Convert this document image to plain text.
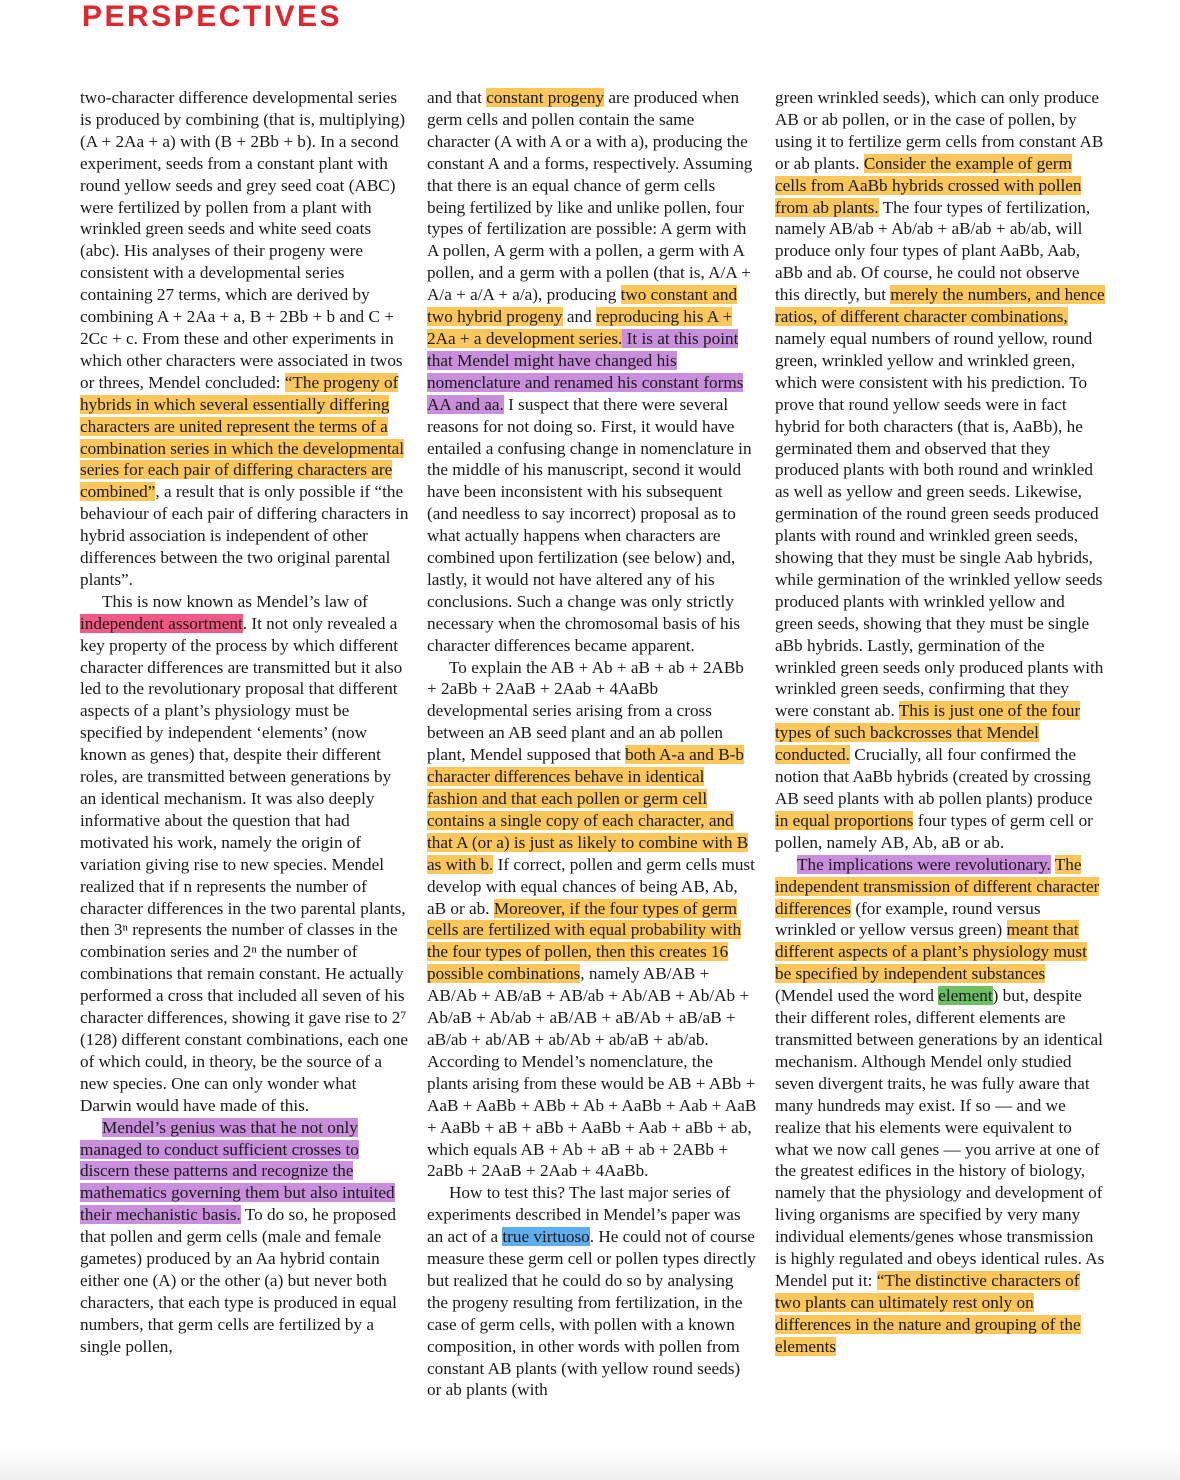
PERSPECTIVES

two-character difference developmental series is produced by combining (that is, multiplying) (A + 2Aa + a) with (B + 2Bb + b). In a second experiment, seeds from a constant plant with round yellow seeds and grey seed coat (ABC) were fertilized by pollen from a plant with wrinkled green seeds and white seed coats (abc). His analyses of their progeny were consistent with a developmental series containing 27 terms, which are derived by combining A + 2Aa + a, B + 2Bb + b and C + 2Cc + c. From these and other experiments in which other characters were associated in twos or threes, Mendel concluded: “The progeny of hybrids in which several essentially differing characters are united represent the terms of a combination series in which the developmental series for each pair of differing characters are combined”, a result that is only possible if “the behaviour of each pair of differing characters in hybrid association is independent of other differences between the two original parental plants”.

This is now known as Mendel’s law of independent assortment. It not only revealed a key property of the process by which different character differences are transmitted but it also led to the revolutionary proposal that different aspects of a plant’s physiology must be specified by independent ‘elements’ (now known as genes) that, despite their different roles, are transmitted between generations by an identical mechanism. It was also deeply informative about the question that had motivated his work, namely the origin of variation giving rise to new species. Mendel realized that if n represents the number of character differences in the two parental plants, then 3ⁿ represents the number of classes in the combination series and 2ⁿ the number of combinations that remain constant. He actually performed a cross that included all seven of his character differences, showing it gave rise to 2⁷ (128) different constant combinations, each one of which could, in theory, be the source of a new species. One can only wonder what Darwin would have made of this.

Mendel’s genius was that he not only managed to conduct sufficient crosses to discern these patterns and recognize the mathematics governing them but also intuited their mechanistic basis. To do so, he proposed that pollen and germ cells (male and female gametes) produced by an Aa hybrid contain either one (A) or the other (a) but never both characters, that each type is produced in equal numbers, that germ cells are fertilized by a single pollen,

and that constant progeny are produced when germ cells and pollen contain the same character (A with A or a with a), producing the constant A and a forms, respectively. Assuming that there is an equal chance of germ cells being fertilized by like and unlike pollen, four types of fertilization are possible: A germ with A pollen, A germ with a pollen, a germ with A pollen, and a germ with a pollen (that is, A/A + A/a + a/A + a/a), producing two constant and two hybrid progeny and reproducing his A + 2Aa + a development series. It is at this point that Mendel might have changed his nomenclature and renamed his constant forms AA and aa. I suspect that there were several reasons for not doing so. First, it would have entailed a confusing change in nomenclature in the middle of his manuscript, second it would have been inconsistent with his subsequent (and needless to say incorrect) proposal as to what actually happens when characters are combined upon fertilization (see below) and, lastly, it would not have altered any of his conclusions. Such a change was only strictly necessary when the chromosomal basis of his character differences became apparent.

To explain the AB + Ab + aB + ab + 2ABb + 2aBb + 2AaB + 2Aab + 4AaBb developmental series arising from a cross between an AB seed plant and an ab pollen plant, Mendel supposed that both A-a and B-b character differences behave in identical fashion and that each pollen or germ cell contains a single copy of each character, and that A (or a) is just as likely to combine with B as with b. If correct, pollen and germ cells must develop with equal chances of being AB, Ab, aB or ab. Moreover, if the four types of germ cells are fertilized with equal probability with the four types of pollen, then this creates 16 possible combinations, namely AB/AB + AB/Ab + AB/aB + AB/ab + Ab/AB + Ab/Ab + Ab/aB + Ab/ab + aB/AB + aB/Ab + aB/aB + aB/ab + ab/AB + ab/Ab + ab/aB + ab/ab. According to Mendel’s nomenclature, the plants arising from these would be AB + ABb + AaB + AaBb + ABb + Ab + AaBb + Aab + AaB + AaBb + aB + aBb + AaBb + Aab + aBb + ab, which equals AB + Ab + aB + ab + 2ABb + 2aBb + 2AaB + 2Aab + 4AaBb.

How to test this? The last major series of experiments described in Mendel’s paper was an act of a true virtuoso. He could not of course measure these germ cell or pollen types directly but realized that he could do so by analysing the progeny resulting from fertilization, in the case of germ cells, with pollen with a known composition, in other words with pollen from constant AB plants (with yellow round seeds) or ab plants (with

green wrinkled seeds), which can only produce AB or ab pollen, or in the case of pollen, by using it to fertilize germ cells from constant AB or ab plants. Consider the example of germ cells from AaBb hybrids crossed with pollen from ab plants. The four types of fertilization, namely AB/ab + Ab/ab + aB/ab + ab/ab, will produce only four types of plant AaBb, Aab, aBb and ab. Of course, he could not observe this directly, but merely the numbers, and hence ratios, of different character combinations, namely equal numbers of round yellow, round green, wrinkled yellow and wrinkled green, which were consistent with his prediction. To prove that round yellow seeds were in fact hybrid for both characters (that is, AaBb), he germinated them and observed that they produced plants with both round and wrinkled as well as yellow and green seeds. Likewise, germination of the round green seeds produced plants with round and wrinkled green seeds, showing that they must be single Aab hybrids, while germination of the wrinkled yellow seeds produced plants with wrinkled yellow and green seeds, showing that they must be single aBb hybrids. Lastly, germination of the wrinkled green seeds only produced plants with wrinkled green seeds, confirming that they were constant ab. This is just one of the four types of such backcrosses that Mendel conducted. Crucially, all four confirmed the notion that AaBb hybrids (created by crossing AB seed plants with ab pollen plants) produce in equal proportions four types of germ cell or pollen, namely AB, Ab, aB or ab.

The implications were revolutionary. The independent transmission of different character differences (for example, round versus wrinkled or yellow versus green) meant that different aspects of a plant’s physiology must be specified by independent substances (Mendel used the word element) but, despite their different roles, different elements are transmitted between generations by an identical mechanism. Although Mendel only studied seven divergent traits, he was fully aware that many hundreds may exist. If so — and we realize that his elements were equivalent to what we now call genes — you arrive at one of the greatest edifices in the history of biology, namely that the physiology and development of living organisms are specified by very many individual elements/genes whose transmission is highly regulated and obeys identical rules. As Mendel put it: “The distinctive characters of two plants can ultimately rest only on differences in the nature and grouping of the elements
